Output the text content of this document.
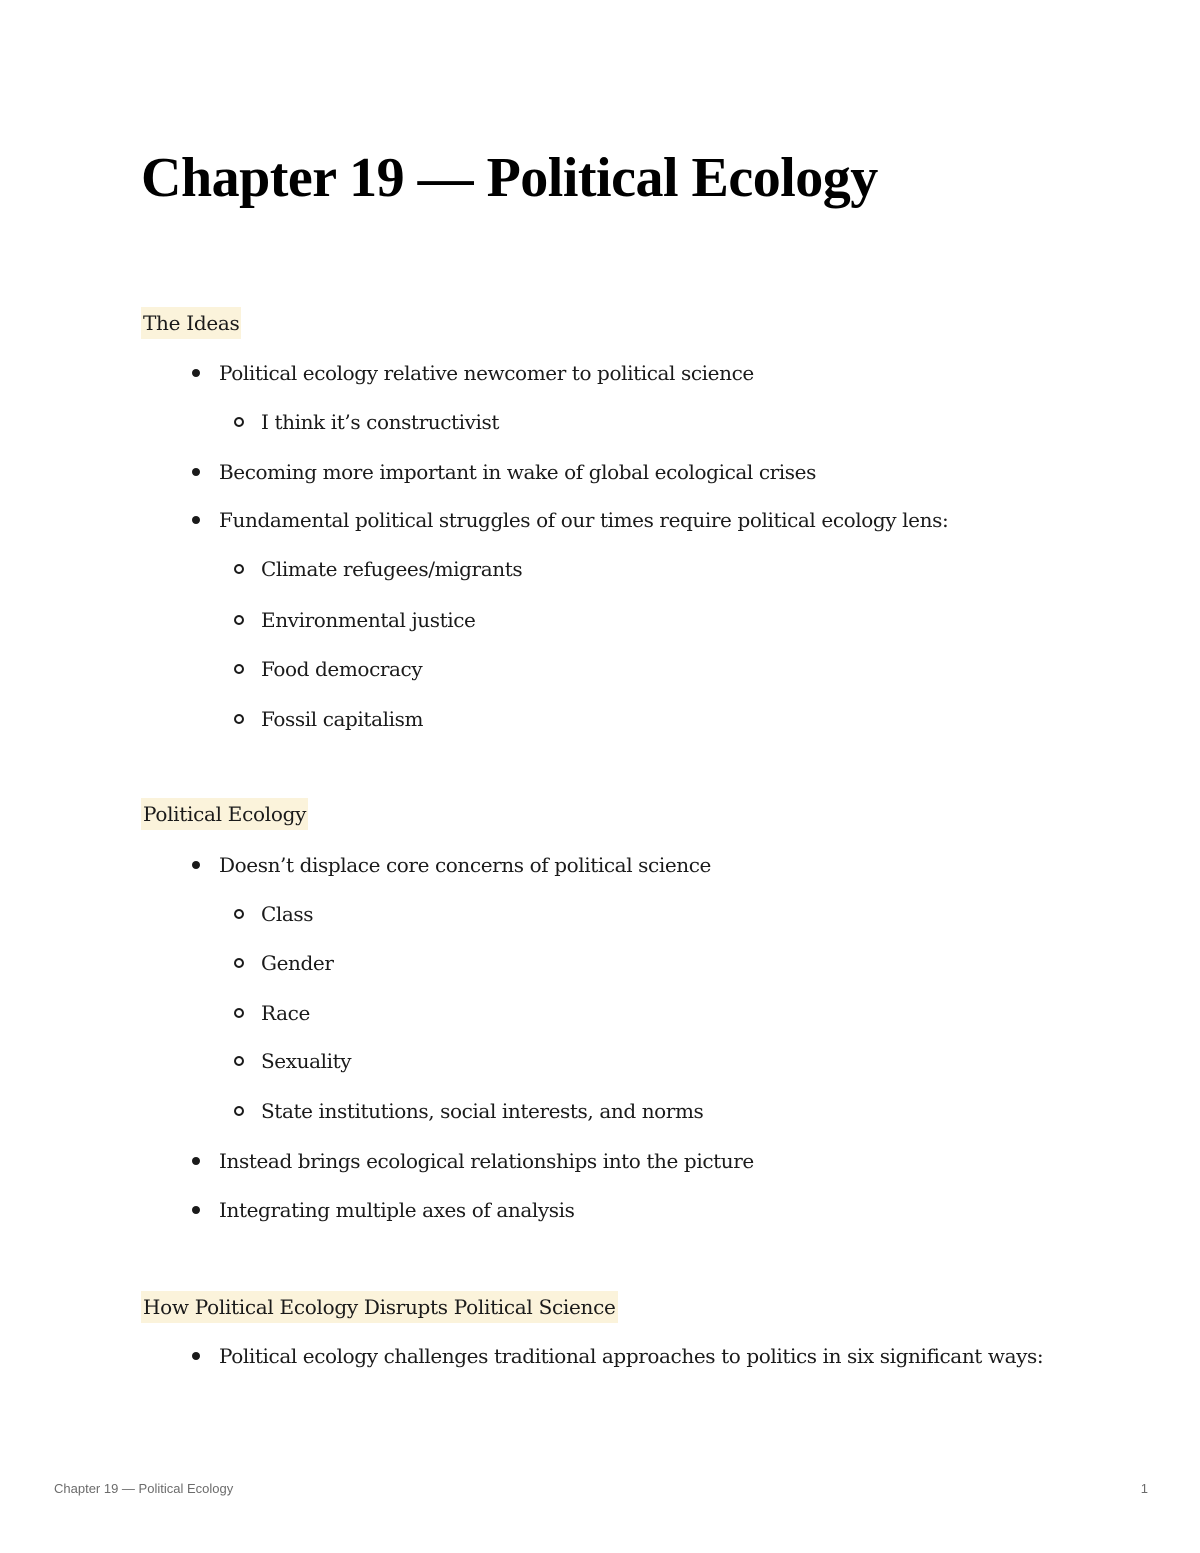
Chapter 19 — Political Ecology
The Ideas
Political ecology relative newcomer to political science
I think it’s constructivist
Becoming more important in wake of global ecological crises
Fundamental political struggles of our times require political ecology lens:
Climate refugees/migrants
Environmental justice
Food democracy
Fossil capitalism
Political Ecology
Doesn’t displace core concerns of political science
Class
Gender
Race
Sexuality
State institutions, social interests, and norms
Instead brings ecological relationships into the picture
Integrating multiple axes of analysis
How Political Ecology Disrupts Political Science
Political ecology challenges traditional approaches to politics in six significant ways:
Chapter 19 — Political Ecology	1
